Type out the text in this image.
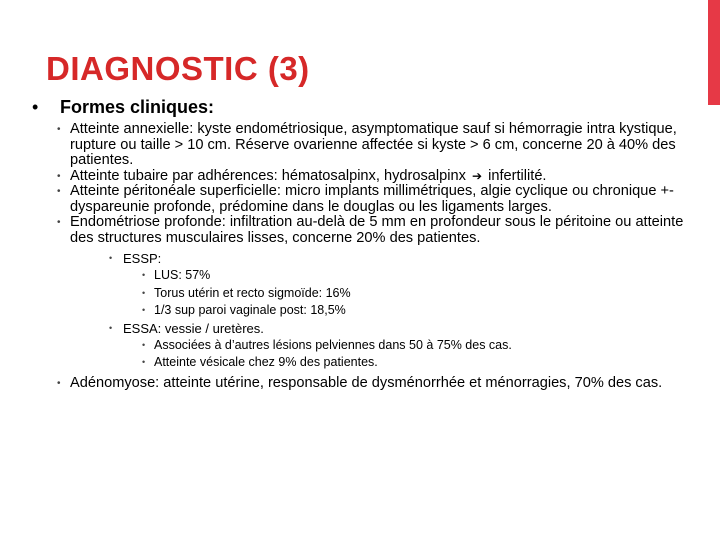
DIAGNOSTIC (3)

• Formes cliniques:

• Atteinte annexielle: kyste endométriosique, asymptomatique sauf si hémorragie intra kystique, rupture ou taille > 10 cm. Réserve ovarienne affectée si kyste > 6 cm, concerne 20 à 40% des patientes.

• Atteinte tubaire par adhérences: hématosalpinx, hydrosalpinx ➔ infertilité.

• Atteinte péritonéale superficielle: micro implants millimétriques, algie cyclique ou chronique +- dyspareunie profonde, prédomine dans le douglas ou les ligaments larges.

• Endométriose profonde: infiltration au-delà de 5 mm en profondeur sous le péritoine ou atteinte des structures musculaires lisses, concerne 20% des patientes.

• ESSP:

• LUS: 57%

• Torus utérin et recto sigmoïde: 16%

• 1/3 sup paroi vaginale post: 18,5%

• ESSA: vessie / uretères.

• Associées à d’autres lésions pelviennes dans 50 à 75% des cas.

• Atteinte vésicale chez 9% des patientes.

• Adénomyose: atteinte utérine, responsable de dysménorrhée et ménorragies, 70% des cas.
